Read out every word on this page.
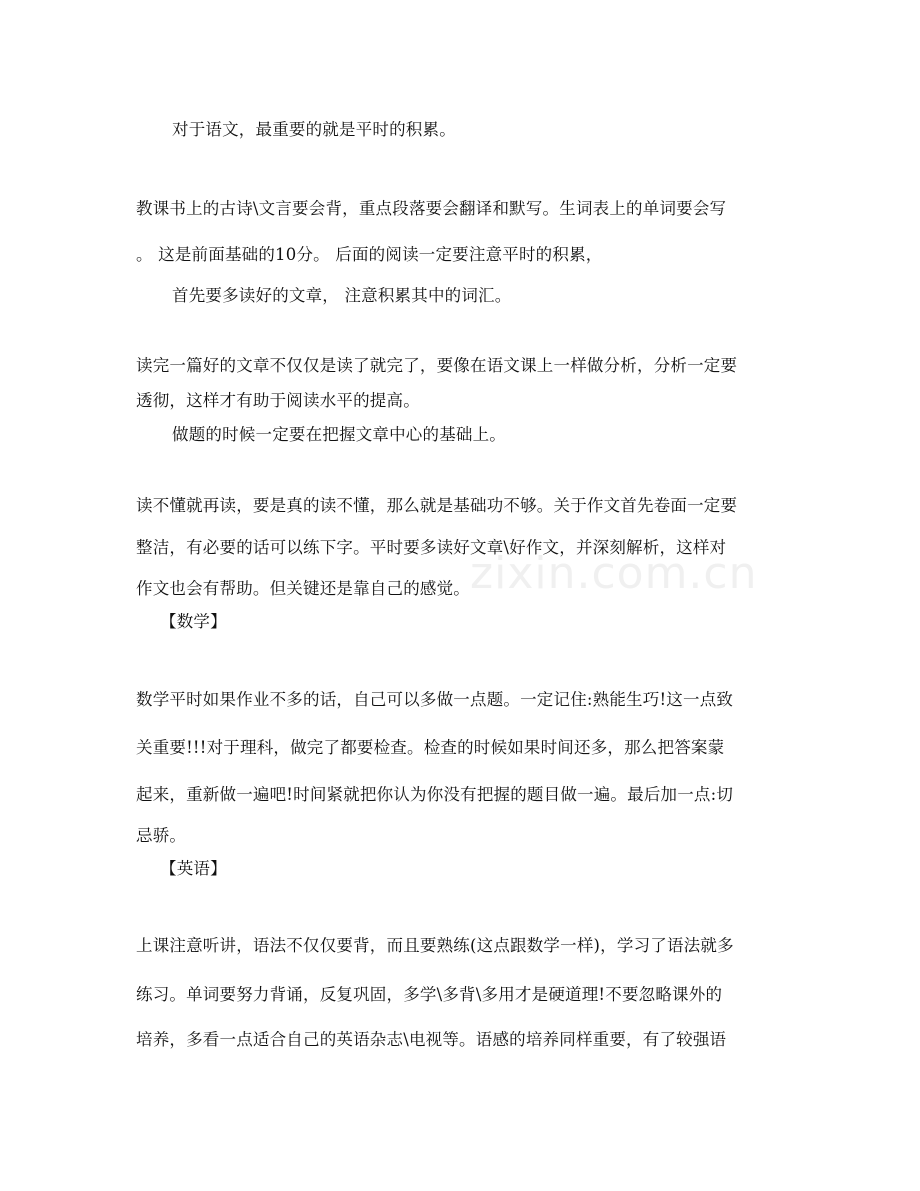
zixin.com.cn
对于语文，最重要的就是平时的积累。
教课书上的古诗\文言要会背，重点段落要会翻译和默写。生词表上的单词要会写
。 这是前面基础的10分。 后面的阅读一定要注意平时的积累，
首先要多读好的文章， 注意积累其中的词汇。
读完一篇好的文章不仅仅是读了就完了，要像在语文课上一样做分析，分析一定要
透彻，这样才有助于阅读水平的提高。
做题的时候一定要在把握文章中心的基础上。
读不懂就再读，要是真的读不懂，那么就是基础功不够。关于作文首先卷面一定要
整洁，有必要的话可以练下字。平时要多读好文章\好作文，并深刻解析，这样对
作文也会有帮助。但关键还是靠自己的感觉。
【数学】
数学平时如果作业不多的话，自己可以多做一点题。一定记住:熟能生巧!这一点致
关重要!!!对于理科，做完了都要检查。检查的时候如果时间还多，那么把答案蒙
起来，重新做一遍吧!时间紧就把你认为你没有把握的题目做一遍。最后加一点:切
忌骄。
【英语】
上课注意听讲，语法不仅仅要背，而且要熟练(这点跟数学一样)，学习了语法就多
练习。单词要努力背诵，反复巩固，多学\多背\多用才是硬道理!不要忽略课外的
培养，多看一点适合自己的英语杂志\电视等。语感的培养同样重要，有了较强语
